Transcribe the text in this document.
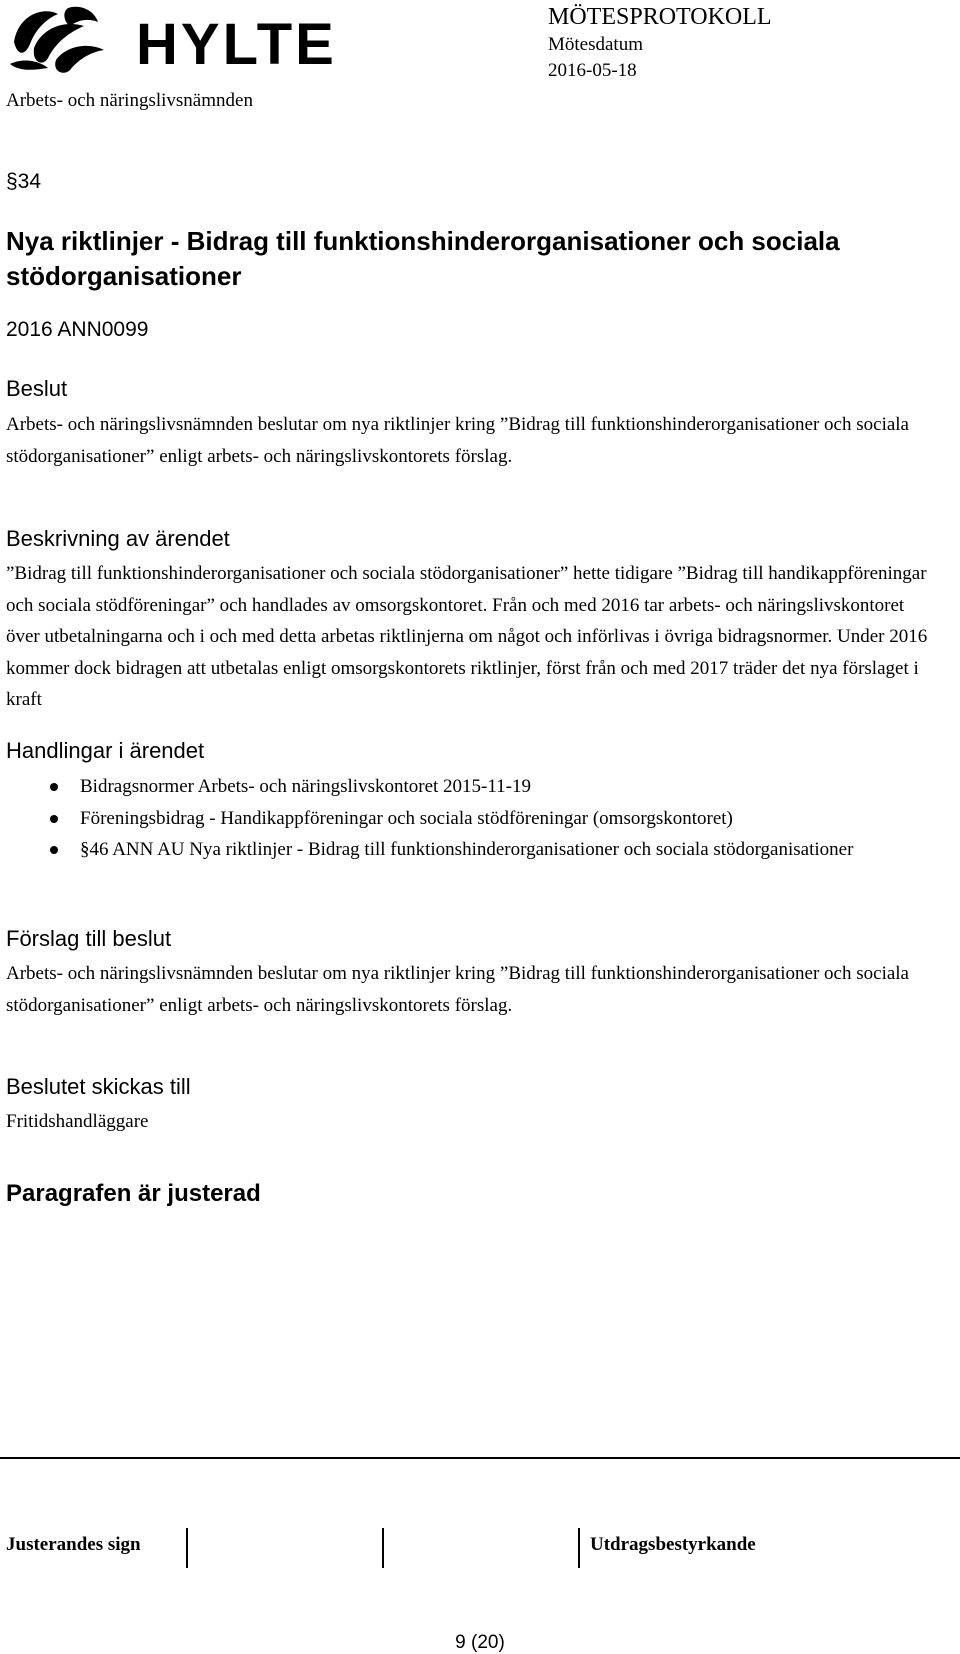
HYLTE
Arbets- och näringslivsnämnden
MÖTESPROTOKOLL
Mötesdatum
2016-05-18
§34
Nya riktlinjer - Bidrag till funktionshinderorganisationer och sociala stödorganisationer
2016 ANN0099
Beslut

Arbets- och näringslivsnämnden beslutar om nya riktlinjer kring ”Bidrag till funktionshinderorganisationer och sociala stödorganisationer” enligt arbets- och näringslivskontorets förslag.

Beskrivning av ärendet

”Bidrag till funktionshinderorganisationer och sociala stödorganisationer” hette tidigare ”Bidrag till handikappföreningar och sociala stödföreningar” och handlades av omsorgskontoret. Från och med 2016 tar arbets- och näringslivskontoret över utbetalningarna och i och med detta arbetas riktlinjerna om något och införlivas i övriga bidragsnormer. Under 2016 kommer dock bidragen att utbetalas enligt omsorgskontorets riktlinjer, först från och med 2017 träder det nya förslaget i kraft

Handlingar i ärendet
Bidragsnormer Arbets- och näringslivskontoret 2015-11-19
Föreningsbidrag - Handikappföreningar och sociala stödföreningar (omsorgskontoret)
§46 ANN AU Nya riktlinjer - Bidrag till funktionshinderorganisationer och sociala stödorganisationer
Förslag till beslut

Arbets- och näringslivsnämnden beslutar om nya riktlinjer kring ”Bidrag till funktionshinderorganisationer och sociala stödorganisationer” enligt arbets- och näringslivskontorets förslag.

Beslutet skickas till

Fritidshandläggare

Paragrafen är justerad
Justerandes sign	Utdragsbestyrkande
9 (20)
